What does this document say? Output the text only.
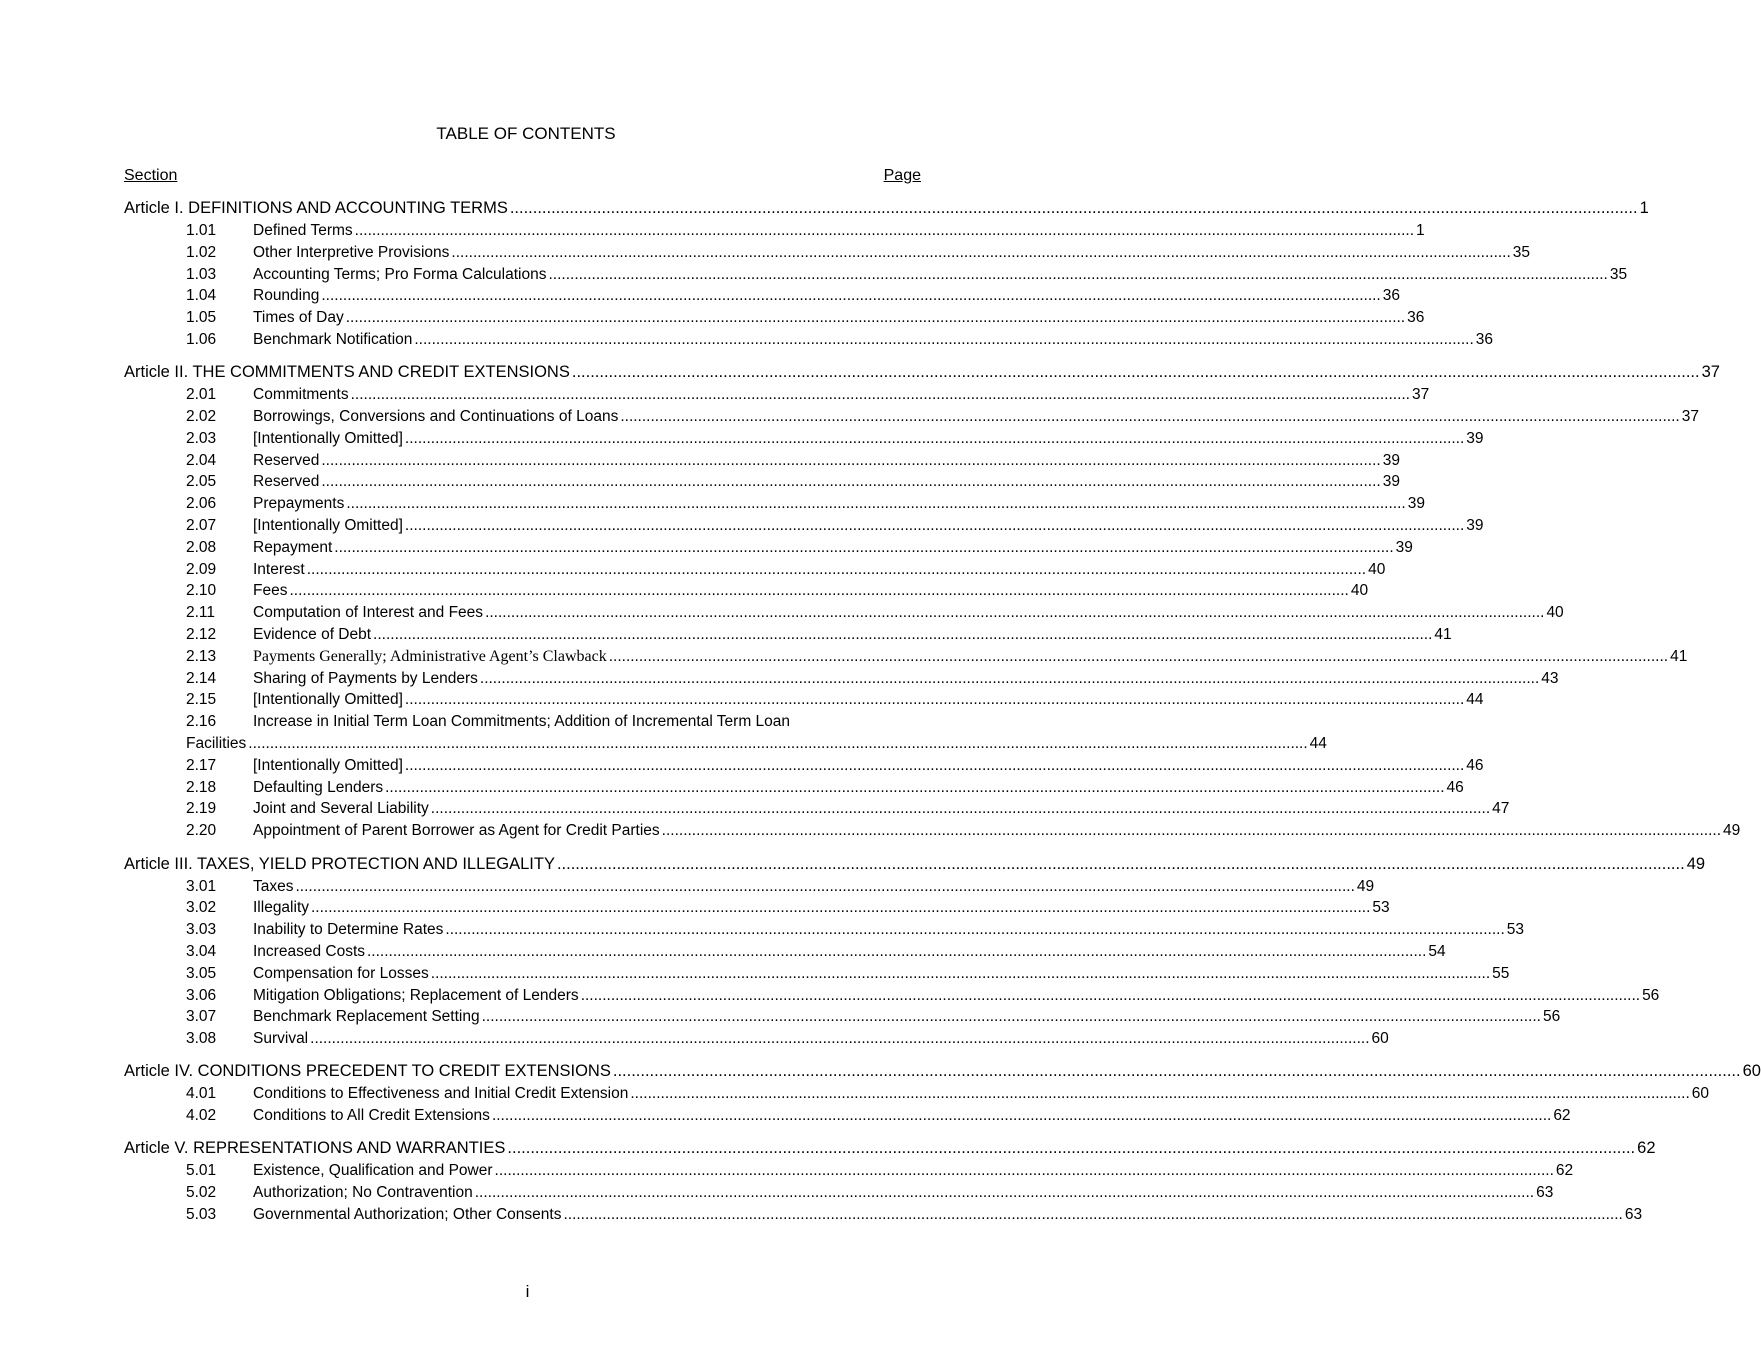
TABLE OF CONTENTS
Section	Page
Article I. DEFINITIONS AND ACCOUNTING TERMS .....	1
1.01	Defined Terms .....	1
1.02	Other Interpretive Provisions .....	35
1.03	Accounting Terms; Pro Forma Calculations .....	35
1.04	Rounding .....	36
1.05	Times of Day .....	36
1.06	Benchmark Notification .....	36
Article II. THE COMMITMENTS AND CREDIT EXTENSIONS .....	37
2.01	Commitments .....	37
2.02	Borrowings, Conversions and Continuations of Loans .....	37
2.03	[Intentionally Omitted] .....	39
2.04	Reserved .....	39
2.05	Reserved .....	39
2.06	Prepayments .....	39
2.07	[Intentionally Omitted] .....	39
2.08	Repayment .....	39
2.09	Interest .....	40
2.10	Fees .....	40
2.11	Computation of Interest and Fees .....	40
2.12	Evidence of Debt .....	41
2.13	Payments Generally; Administrative Agent’s Clawback .....	41
2.14	Sharing of Payments by Lenders .....	43
2.15	[Intentionally Omitted] .....	44
2.16	Increase in Initial Term Loan Commitments; Addition of Incremental Term Loan
Facilities .....	44
2.17	[Intentionally Omitted] .....	46
2.18	Defaulting Lenders .....	46
2.19	Joint and Several Liability .....	47
2.20	Appointment of Parent Borrower as Agent for Credit Parties .....	49
Article III. TAXES, YIELD PROTECTION AND ILLEGALITY .....	49
3.01	Taxes .....	49
3.02	Illegality .....	53
3.03	Inability to Determine Rates .....	53
3.04	Increased Costs .....	54
3.05	Compensation for Losses .....	55
3.06	Mitigation Obligations; Replacement of Lenders .....	56
3.07	Benchmark Replacement Setting .....	56
3.08	Survival .....	60
Article IV. CONDITIONS PRECEDENT TO CREDIT EXTENSIONS .....	60
4.01	Conditions to Effectiveness and Initial Credit Extension .....	60
4.02	Conditions to All Credit Extensions .....	62
Article V. REPRESENTATIONS AND WARRANTIES .....	62
5.01	Existence, Qualification and Power .....	62
5.02	Authorization; No Contravention .....	63
5.03	Governmental Authorization; Other Consents .....	63
i
